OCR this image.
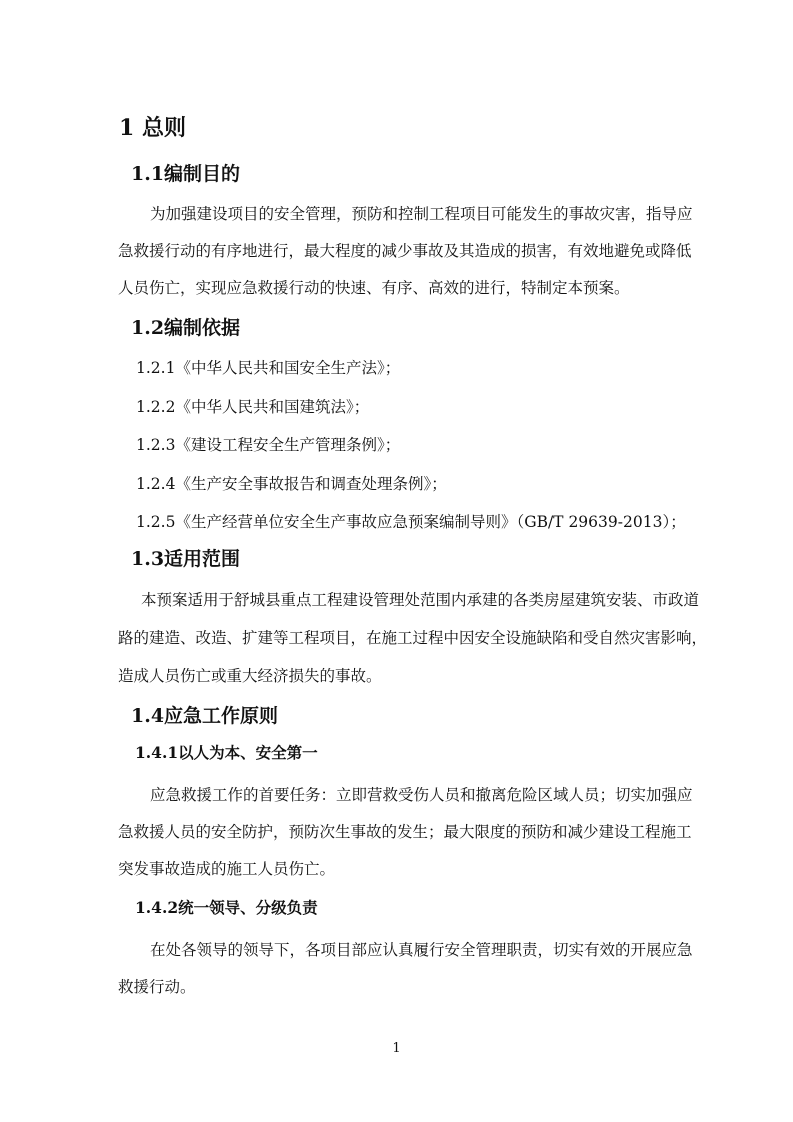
1 总则
1.1编制目的
为加强建设项目的安全管理，预防和控制工程项目可能发生的事故灾害，指导应
急救援行动的有序地进行，最大程度的减少事故及其造成的损害，有效地避免或降低
人员伤亡，实现应急救援行动的快速、有序、高效的进行，特制定本预案。
1.2编制依据
1.2.1《中华人民共和国安全生产法》；
1.2.2《中华人民共和国建筑法》；
1.2.3《建设工程安全生产管理条例》；
1.2.4《生产安全事故报告和调查处理条例》；
1.2.5《生产经营单位安全生产事故应急预案编制导则》（GB/T 29639-2013）；
1.3适用范围
本预案适用于舒城县重点工程建设管理处范围内承建的各类房屋建筑安装、市政道
路的建造、改造、扩建等工程项目，在施工过程中因安全设施缺陷和受自然灾害影响，
造成人员伤亡或重大经济损失的事故。
1.4应急工作原则
1.4.1以人为本、安全第一
应急救援工作的首要任务：立即营救受伤人员和撤离危险区域人员；切实加强应
急救援人员的安全防护，预防次生事故的发生；最大限度的预防和减少建设工程施工
突发事故造成的施工人员伤亡。
1.4.2统一领导、分级负责
在处各领导的领导下，各项目部应认真履行安全管理职责，切实有效的开展应急
救援行动。
1
